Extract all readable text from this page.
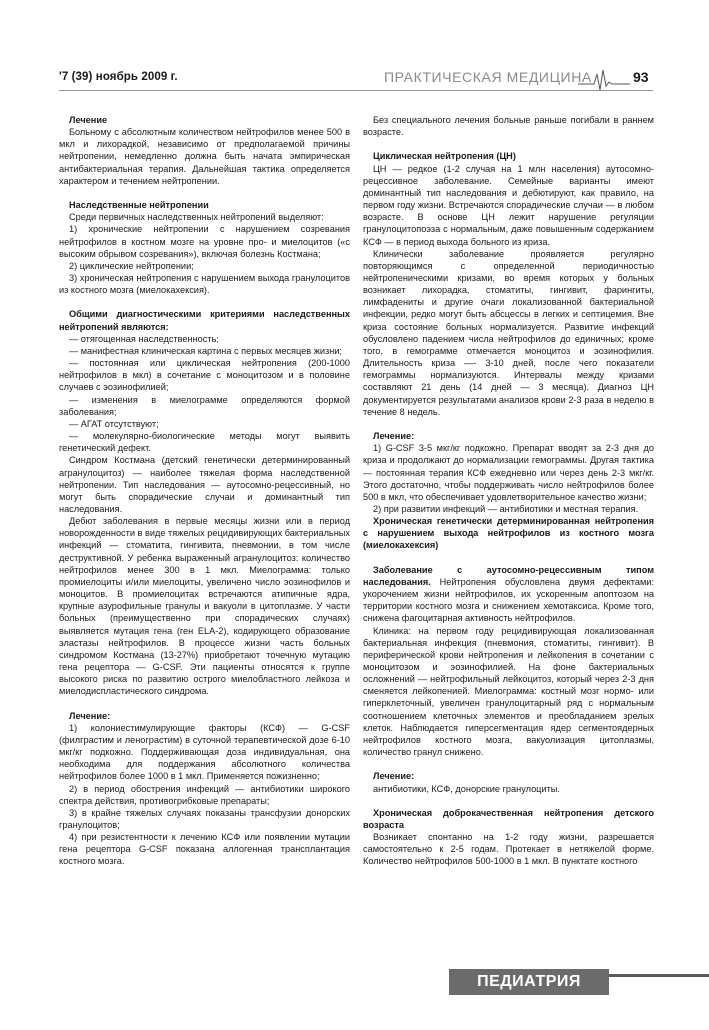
'7 (39) ноябрь 2009 г.	ПРАКТИЧЕСКАЯ МЕДИЦИНА	93

Лечение

Больному с абсолютным количеством нейтрофилов менее 500 в мкл и лихорадкой, независимо от предполагаемой причины нейтропении, немедленно должна быть начата эмпирическая антибактериальная терапия. Дальнейшая тактика определяется характером и течением нейтропении.

Наследственные нейтропении

Среди первичных наследственных нейтропений выделяют:

1) хронические нейтропении с нарушением созревания нейтрофилов в костном мозге на уровне про- и миелоцитов («с высоким обрывом созревания»), включая болезнь Костмана;

2) циклические нейтропении;

3) хроническая нейтропения с нарушением выхода гранулоцитов из костного мозга (миелокахексия).

Общими диагностическими критериями наследственных нейтропений являются:

— отягощенная наследственность;

— манифестная клиническая картина с первых месяцев жизни;

— постоянная или циклическая нейтропения (200-1000 нейтрофилов в мкл) в сочетание с моноцитозом и в половине случаев с эозинофилией;

— изменения в миелограмме определяются формой заболевания;

— АГАТ отсутствуют;

— молекулярно-биологические методы могут выявить генетический дефект.

Синдром Костмана (детский генетически детерминированный агранулоцитоз) — наиболее тяжелая форма наследственной нейтропении. Тип наследования — аутосомно-рецессивный, но могут быть спорадические случаи и доминантный тип наследования.

Дебют заболевания в первые месяцы жизни или в период новорожденности в виде тяжелых рецидивирующих бактериальных инфекций — стоматита, гингивита, пневмонии, в том числе деструктивной. У ребенка выраженный агранулоцитоз: количество нейтрофилов менее 300 в 1 мкл. Миелограмма: только промиелоциты и/или миелоциты, увеличено число эозинофилов и моноцитов. В промиелоцитах встречаются атипичные ядра, крупные азурофильные гранулы и вакуоли в цитоплазме. У части больных (преимущественно при спорадических случаях) выявляется мутация гена (ген ELA-2), кодирующего образование эластазы нейтрофилов. В процессе жизни часть больных синдромом Костмана (13-27%) приобретают точечную мутацию гена рецептора — G-CSF. Эти пациенты относятся к группе высокого риска по развитию острого миелобластного лейкоза и миелодиспластического синдрома.

Лечение:

1) колониестимулирующие факторы (КСФ) — G-CSF (филграстим и ленограстим) в суточной терапевтической дозе 6-10 мкг/кг подкожно. Поддерживающая доза индивидуальная, она необходима для поддержания абсолютного количества нейтрофилов более 1000 в 1 мкл. Применяется пожизненно;

2) в период обострения инфекций — антибиотики широкого спектра действия, противогрибковые препараты;

3) в крайне тяжелых случаях показаны трансфузии донорских гранулоцитов;

4) при резистентности к лечению КСФ или появлении мутации гена рецептора G-CSF показана аллогенная трансплантация костного мозга.

Без специального лечения больные раньше погибали в раннем возрасте.

Циклическая нейтропения (ЦН)

ЦН — редкое (1-2 случая на 1 млн населения) аутосомно-рецессивное заболевание. Семейные варианты имеют доминантный тип наследования и дебютируют, как правило, на первом году жизни. Встречаются спорадические случаи — в любом возрасте. В основе ЦН лежит нарушение регуляции гранулоцитопоэза с нормальным, даже повышенным содержанием КСФ — в период выхода больного из криза.

Клинически заболевание проявляется регулярно повторяющимся с определенной периодичностью нейтропеническими кризами, во время которых у больных возникает лихорадка, стоматиты, гингивит, фарингиты, лимфадениты и другие очаги локализованной бактериальной инфекции, редко могут быть абсцессы в легких и септицемия. Вне криза состояние больных нормализуется. Развитие инфекций обусловлено падением числа нейтрофилов до единичных; кроме того, в гемограмме отмечается моноцитоз и эозинофилия. Длительность криза —- 3-10 дней, после чего показатели гемограммы нормализуются. Интервалы между кризами составляют 21 день (14 дней — 3 месяца). Диагноз ЦН документируется результатами анализов крови 2-3 раза в неделю в течение 8 недель.

Лечение:

1) G-CSF 3-5 мкг/кг подкожно. Препарат вводят за 2-3 дня до криза и продолжают до нормализации гемограммы. Другая тактика — постоянная терапия КСФ ежедневно или через день 2-3 мкг/кг. Этого достаточно, чтобы поддерживать число нейтрофилов более 500 в мкл, что обеспечивает удовлетворительное качество жизни;

2) при развитии инфекций — антибиотики и местная терапия.

Хроническая генетически детерминированная нейтропения с нарушением выхода нейтрофилов из костного мозга (миелокахексия)

Заболевание с аутосомно-рецессивным типом наследования. Нейтропения обусловлена двумя дефектами: укорочением жизни нейтрофилов, их ускоренным апоптозом на территории костного мозга и снижением хемотаксиса. Кроме того, снижена фагоцитарная активность нейтрофилов.

Клиника: на первом году рецидивирующая локализованная бактериальная инфекция (пневмония, стоматиты, гингивит). В периферической крови нейтропения и лейкопения в сочетании с моноцитозом и эозинофилией. На фоне бактериальных осложнений — нейтрофильный лейкоцитоз, который через 2-3 дня сменяется лейкопенией. Миелограмма: костный мозг нормо- или гиперклеточный, увеличен гранулоцитарный ряд с нормальным соотношением клеточных элементов и преобладанием зрелых клеток. Наблюдается гиперсегментация ядер сегментоядерных нейтрофилов костного мозга, вакуолизация цитоплазмы, количество гранул снижено.

Лечение:

антибиотики, КСФ, донорские гранулоциты.

Хроническая доброкачественная нейтропения детского возраста

Возникает спонтанно на 1-2 году жизни, разрешается самостоятельно к 2-5 годам. Протекает в нетяжелой форме. Количество нейтрофилов 500-1000 в 1 мкл. В пунктате костного

ПЕДИАТРИЯ
